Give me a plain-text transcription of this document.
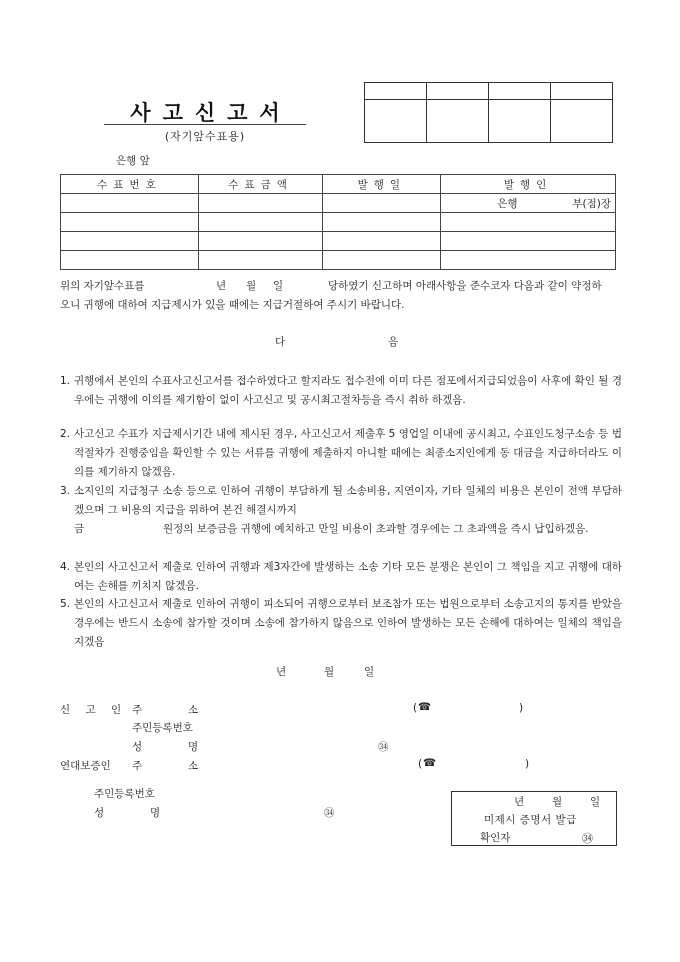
사고신고서
(자기앞수표용)
은행 앞

수표번호	수표금액	발행일	발행인

			은행 부(점)장

위의 자기앞수표를	년 월 일	당하였기 신고하며 아래사항을 준수코자 다음과 같이 약정하
오니 귀행에 대하여 지급제시가 있을 때에는 지급거절하여 주시기 바랍니다.
다	음
1. 귀행에서 본인의 수표사고신고서를 접수하였다고 할지라도 접수전에 이미 다른 점포에서지급되었음이 사후에 확인 될 경우에는 귀행에 이의를 제기함이 없이 사고신고 및 공시최고절차등을 즉시 취하 하겠음.
2. 사고신고 수표가 지급제시기간 내에 제시된 경우, 사고신고서 제출후 5 영업일 이내에 공시최고, 수표인도청구소송 등 법적절차가 진행중임을 확인할 수 있는 서류를 귀행에 제출하지 아니할 때에는 최종소지인에게 동 대금을 지급하더라도 이의를 제기하지 않겠음.
3. 소지인의 지급청구 소송 등으로 인하여 귀행이 부담하게 될 소송비용, 지연이자, 기타 일체의 비용은 본인이 전액 부담하겠으며 그 비용의 지급을 위하여 본건 해결시까지
금	원정의 보증금을 귀행에 예치하고 만일 비용이 초과할 경우에는 그 초과액을 즉시 납입하겠음.
4. 본인의 사고신고서 제출로 인하여 귀행과 제3자간에 발생하는 소송 기타 모든 분쟁은 본인이 그 책임을 지고 귀행에 대하여는 손해를 끼치지 않겠음.
5. 본인의 사고신고서 제출로 인하여 귀행이 피소되어 귀행으로부터 보조참가 또는 법원으로부터 소송고지의 통지를 받았을 경우에는 반드시 소송에 참가할 것이며 소송에 참가하지 않음으로 인하여 발생하는 모든 손해에 대하여는 일체의 책임을 지겠음
년	월	일
신 고 인 주	소	( ☎	)
주민등록번호
성	명	㉞
연대보증인 주	소	( ☎	)
주민등록번호
성	명	㉞
년	월	일
미제시 증명서 발급
확인자	㉞
